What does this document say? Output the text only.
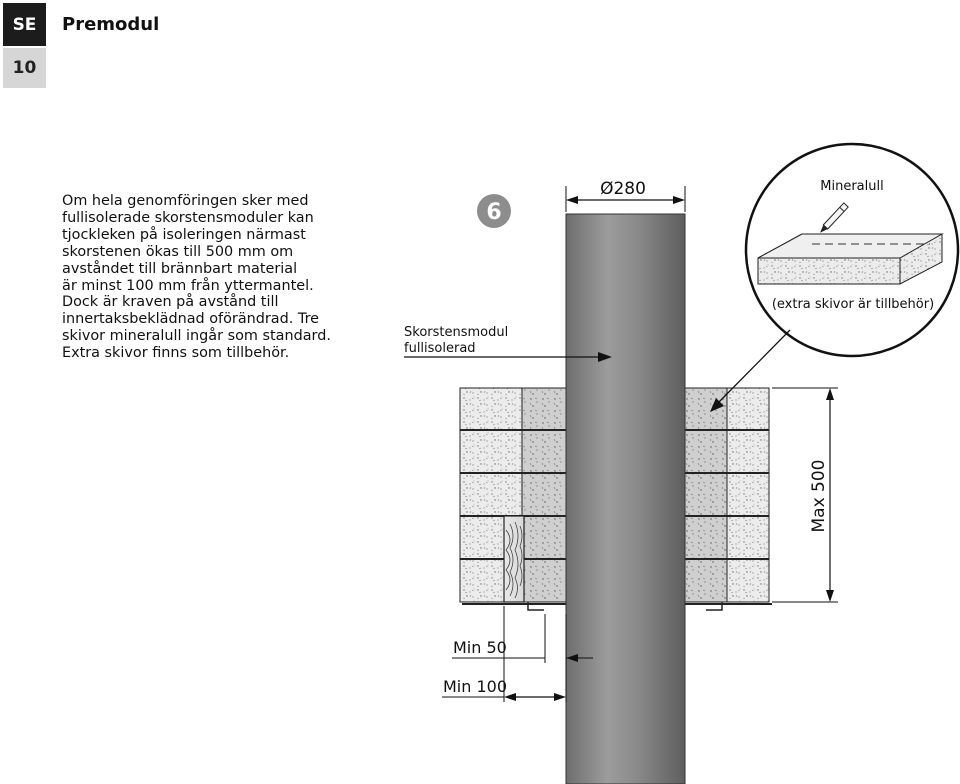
SE
10
Premodul
Om hela genomföringen sker med
fullisolerade skorstensmoduler kan
tjockleken på isoleringen närmast
skorstenen ökas till 500 mm om
avståndet till brännbart material
är minst 100 mm från yttermantel.
Dock är kraven på avstånd till
innertaksbeklädnad oförändrad. Tre
skivor mineralull ingår som standard.
Extra skivor finns som tillbehör.
6
Ø280
Skorstensmodul
fullisolerad
Mineralull
(extra skivor är tillbehör)
Max 500
Min 50
Min 100
